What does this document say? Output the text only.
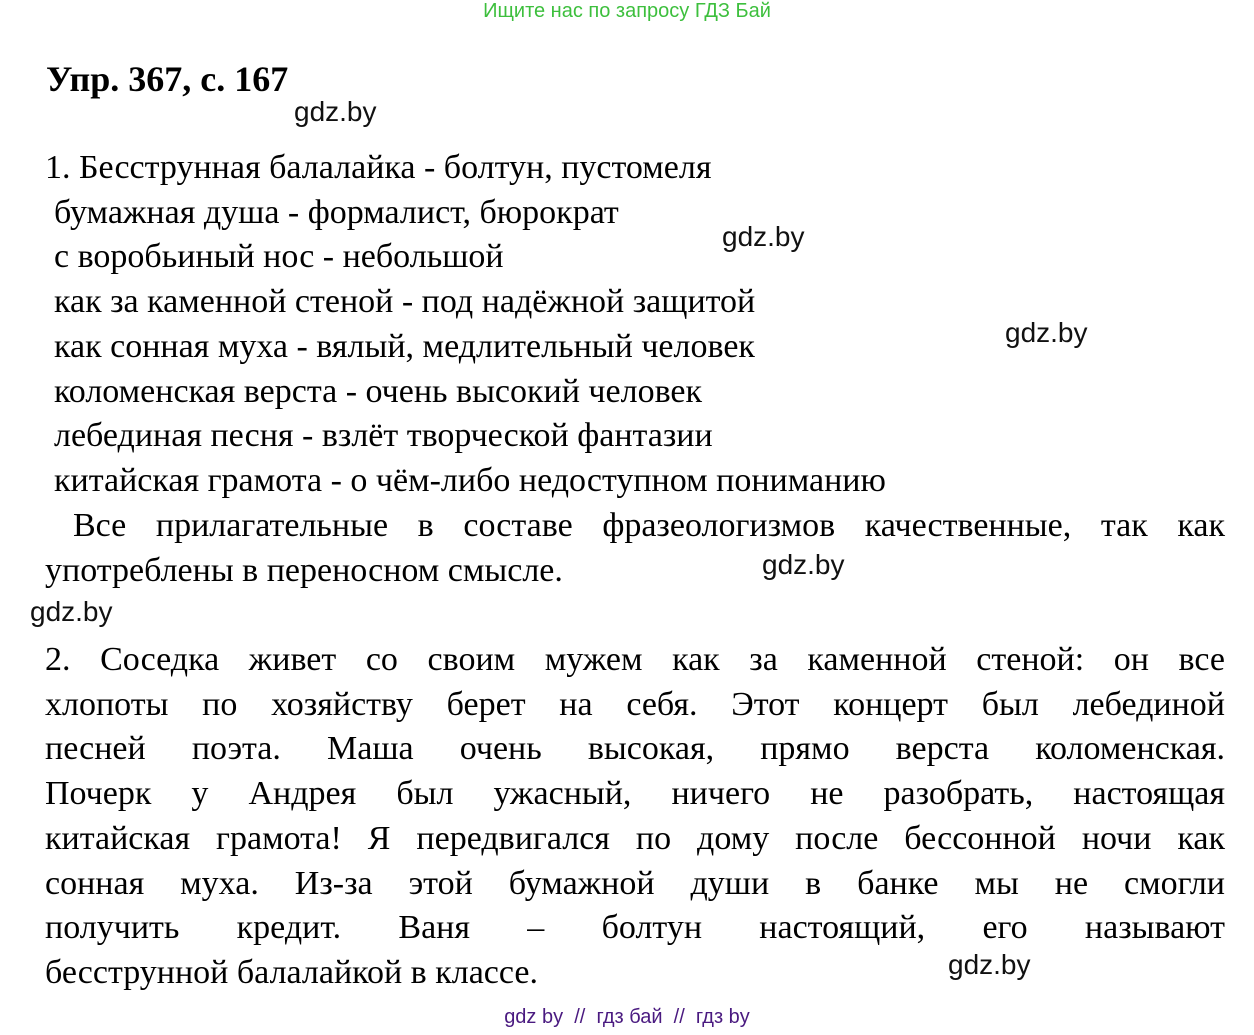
Ищите нас по запросу ГДЗ Бай
Упр. 367, с. 167
1. Бесструнная балалайка - болтун, пустомеля
бумажная душа - формалист, бюрократ
с воробьиный нос - небольшой
как за каменной стеной - под надёжной защитой
как сонная муха - вялый, медлительный человек
коломенская верста - очень высокий человек
лебединая песня - взлёт творческой фантазии
китайская грамота - о чём-либо недоступном пониманию
Все прилагательные в составе фразеологизмов качественные, так как
употреблены в переносном смысле.
2. Соседка живет со своим мужем как за каменной стеной: он все
хлопоты по хозяйству берет на себя. Этот концерт был лебединой
песней поэта. Маша очень высокая, прямо верста коломенская.
Почерк у Андрея был ужасный, ничего не разобрать, настоящая
китайская грамота! Я передвигался по дому после бессонной ночи как
сонная муха. Из-за этой бумажной души в банке мы не смогли
получить кредит. Ваня – болтун настоящий, его называют
бесструнной балалайкой в классе.
gdz.by
gdz.by
gdz.by
gdz.by
gdz.by
gdz.by
gdz by  //  гдз бай  //  гдз by
